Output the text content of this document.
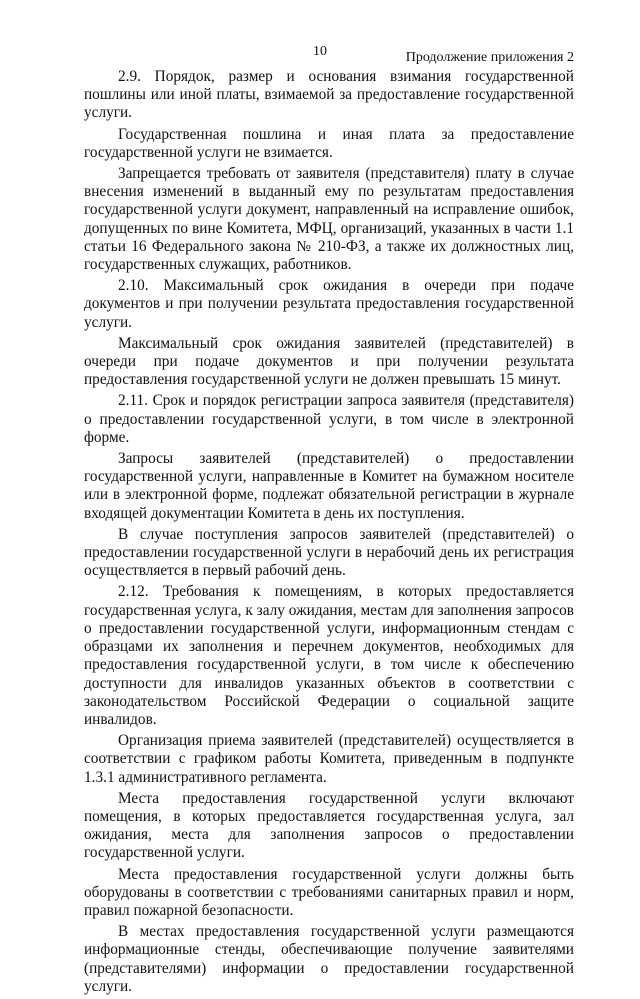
10	Продолжение приложения 2

2.9. Порядок, размер и основания взимания государственной пошлины или иной платы, взимаемой за предоставление государственной услуги.

Государственная пошлина и иная плата за предоставление государственной услуги не взимается.

Запрещается требовать от заявителя (представителя) плату в случае внесения изменений в выданный ему по результатам предоставления государственной услуги документ, направленный на исправление ошибок, допущенных по вине Комитета, МФЦ, организаций, указанных в части 1.1 статьи 16 Федерального закона № 210-ФЗ, а также их должностных лиц, государственных служащих, работников.

2.10. Максимальный срок ожидания в очереди при подаче документов и при получении результата предоставления государственной услуги.

Максимальный срок ожидания заявителей (представителей) в очереди при подаче документов и при получении результата предоставления государственной услуги не должен превышать 15 минут.

2.11. Срок и порядок регистрации запроса заявителя (представителя) о предоставлении государственной услуги, в том числе в электронной форме.

Запросы заявителей (представителей) о предоставлении государственной услуги, направленные в Комитет на бумажном носителе или в электронной форме, подлежат обязательной регистрации в журнале входящей документации Комитета в день их поступления.

В случае поступления запросов заявителей (представителей) о предоставлении государственной услуги в нерабочий день их регистрация осуществляется в первый рабочий день.

2.12. Требования к помещениям, в которых предоставляется государственная услуга, к залу ожидания, местам для заполнения запросов о предоставлении государственной услуги, информационным стендам с образцами их заполнения и перечнем документов, необходимых для предоставления государственной услуги, в том числе к обеспечению доступности для инвалидов указанных объектов в соответствии с законодательством Российской Федерации о социальной защите инвалидов.

Организация приема заявителей (представителей) осуществляется в соответствии с графиком работы Комитета, приведенным в подпункте 1.3.1 административного регламента.

Места предоставления государственной услуги включают помещения, в которых предоставляется государственная услуга, зал ожидания, места для заполнения запросов о предоставлении государственной услуги.

Места предоставления государственной услуги должны быть оборудованы в соответствии с требованиями санитарных правил и норм, правил пожарной безопасности.

В местах предоставления государственной услуги размещаются информационные стенды, обеспечивающие получение заявителями (представителями) информации о предоставлении государственной услуги.
